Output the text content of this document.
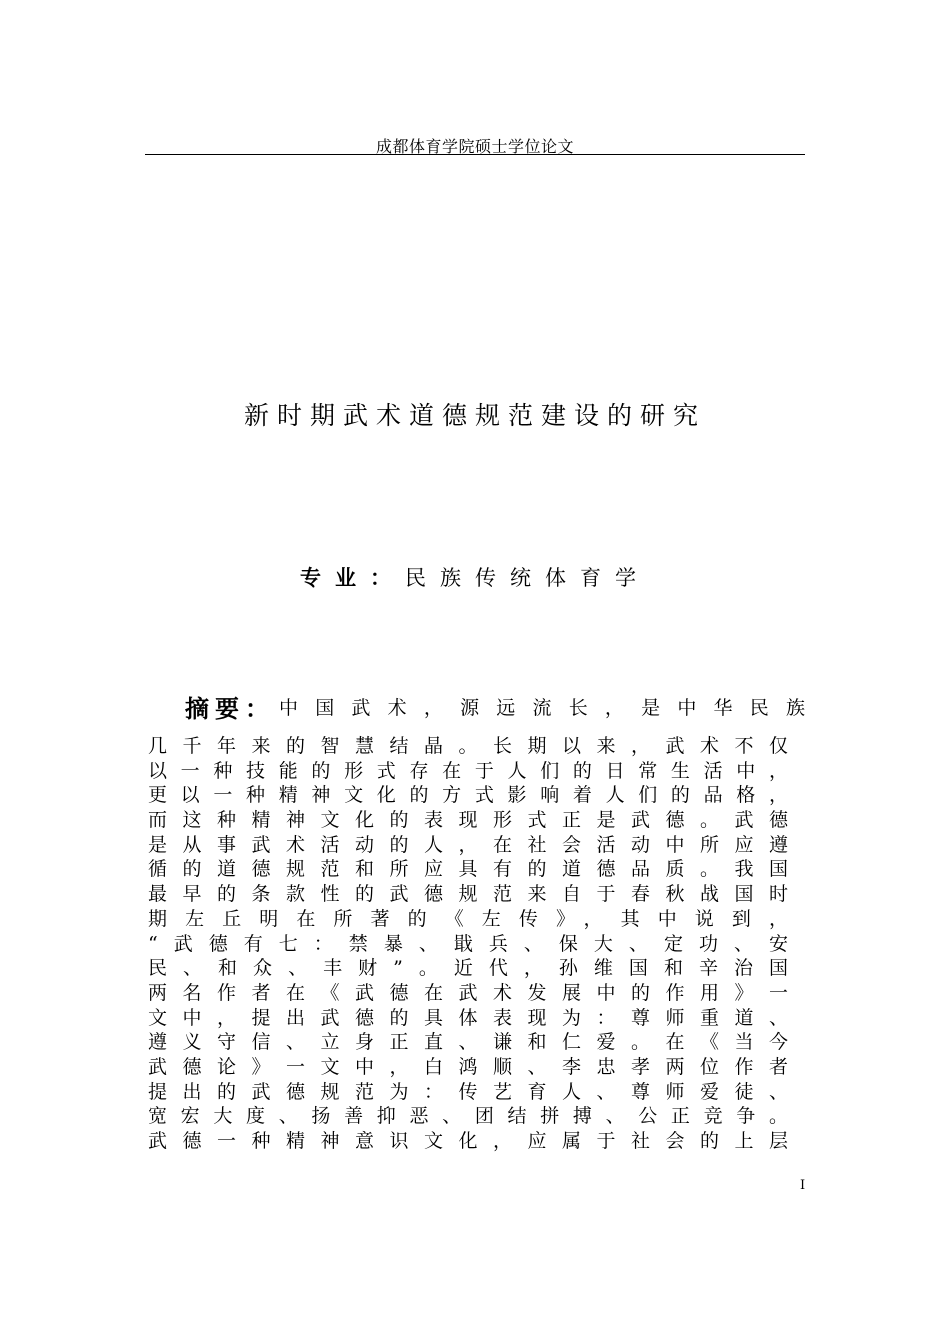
成都体育学院硕士学位论文
新时期武术道德规范建设的研究
专业：民族传统体育学
摘要： 中国武术，源远流长，是中华民族
几千年来的智慧结晶。长期以来，武术不仅
以一种技能的形式存在于人们的日常生活中，
更以一种精神文化的方式影响着人们的品格，
而这种精神文化的表现形式正是武德。武德
是从事武术活动的人，在社会活动中所应遵
循的道德规范和所应具有的道德品质。我国
最早的条款性的武德规范来自于春秋战国时
期左丘明在所著的《左传》，其中说到，
“武德有七：禁暴、戢兵、保大、定功、安
民、和众、丰财”。近代，孙维国和辛治国
两名作者在《武德在武术发展中的作用》一
文中，提出武德的具体表现为：尊师重道、
遵义守信、立身正直、谦和仁爱。在《当今
武德论》一文中，白鸿顺、李忠孝两位作者
提出的武德规范为：传艺育人、尊师爱徒、
宽宏大度、扬善抑恶、团结拼搏、公正竞争。
武德一种精神意识文化，应属于社会的上层
I
